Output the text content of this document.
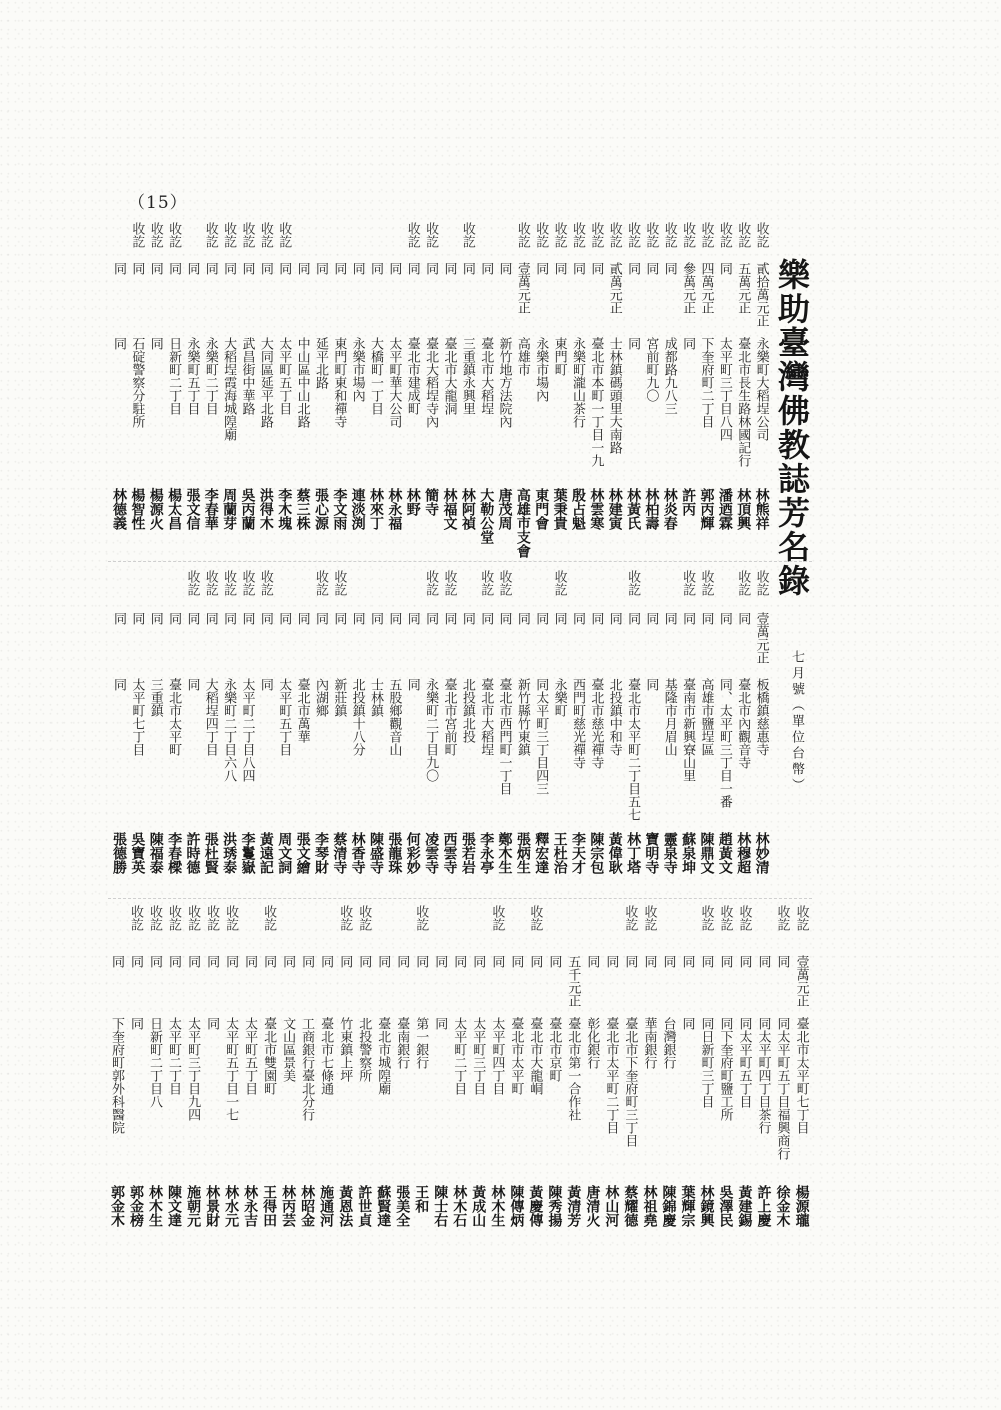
（15）
樂助臺灣佛教誌芳名錄
七月號（單位台幣）
收訖
貳拾萬元正
永樂町大稻埕公司
林熊祥
收訖
五萬元正
臺北市長生路林國記行
林頂興
收訖
同
太平町三丁目八四
潘迺霖
收訖
四萬元正
下奎府町二丁目
郭丙輝
收訖
參萬元正
同
許丙
收訖
同
成都路九八三
林炎春
收訖
同
宮前町九〇
林柏壽
收訖
同
同
林黃氏
收訖
貳萬元正
士林鎮碼頭里大南路
林建寅
收訖
同
臺北市本町一丁目一九
林雲寒
收訖
同
永樂町瀧山茶行
殷占魁
收訖
同
東門町
葉秉貴
收訖
同
永樂市場內
東門會
收訖
壹萬元正
高雄市
高雄市支會
同
新竹地方法院內
唐茂周
同
臺北市大稻埕
大勒公堂
收訖
同
三重鎮永興里
林阿禎
同
臺北市大龍洞
林福文
收訖
同
臺北大稻埕寺內
簡寺
收訖
同
臺北市建成町
林野
同
太平町華大公司
林永福
同
大橋町一丁目
林來丁
同
永樂市場內
連淡渕
同
東門町東和禪寺
李文雨
同
延平北路
張心源
同
中山區中山北路
蔡三株
收訖
同
太平町五丁目
李木塊
收訖
同
大同區延平北路
洪得木
收訖
同
武昌街中華路
吳丙蘭
收訖
同
大稻埕霞海城隍廟
周蘭芽
收訖
同
永樂町二丁目
李春華
同
永樂町五丁目
張文信
收訖
同
日新町二丁目
楊太昌
收訖
同
同
楊源火
收訖
同
石碇警察分駐所
楊智性
同
同
林德義
收訖
壹萬元正
板橋鎮慈惠寺
林妙清
收訖
同
臺北市內觀音寺
林穆超
同
同、太平町三丁目一番
趙黃文
收訖
同
高雄市鹽埕區
陳鼎文
收訖
同
臺南市新興寮山里
蘇泉坤
同
基隆市月眉山
靈泉寺
同
同
寶明寺
收訖
同
臺北市太平町二丁目五七
林丁塔
同
北投鎮中和寺
黃偉耿
同
臺北市慈光禪寺
陳宗包
同
西門町慈光禪寺
李天才
收訖
同
永樂町
王杜治
同
同太平町三丁目四三
釋宏達
同
新竹縣竹東鎮
張炳生
收訖
同
臺北市西門町一丁目
鄭木生
收訖
同
臺北市大稻埕
李永亭
同
北投鎮北投
張若岩
收訖
同
臺北市宮前町
西雲寺
收訖
同
永樂町二丁目九〇
凌雲寺
同
同
何彩妙
同
五股鄉觀音山
張龍珠
同
士林鎮
陳盛寺
同
北投鎮十八分
林香寺
收訖
同
新莊鎮
蔡清寺
收訖
同
內湖鄉
李琴財
同
臺北市萬華
張文繪
同
太平町五丁目
周文詞
收訖
同
同
黃遠記
收訖
同
太平町二丁目八四
李鬘嶽
收訖
同
永樂町二丁目六八
洪琇泰
收訖
同
大稻埕四丁目
張杜賢
收訖
同
同
許時德
同
臺北市太平町
李春樑
同
三重鎮
陳福泰
同
太平町七丁目
吳寶英
同
同
張德勝
收訖
壹萬元正
臺北市太平町七丁目
楊源瓏
收訖
同
同太平町五丁目福興商行
徐金木
同
同太平町四丁目茶行
許上慶
收訖
同
同太平町五丁目
黃建錫
收訖
同
同下奎府町鹽工所
吳澤民
收訖
同
同日新町三丁目
林鏡興
同
同
葉輝宗
同
台灣銀行
陳錦慶
收訖
同
華南銀行
林祖堯
收訖
同
臺北市下奎府町三丁目
蔡耀德
同
臺北市太平町二丁目
林山河
同
彰化銀行
唐清火
五千元正
臺北市第一合作社
黃清芳
同
臺北市京町
陳秀揚
收訖
同
臺北市大龍峒
黃慶傳
同
臺北市太平町
陳傳炳
收訖
同
太平町四丁目
林木生
同
太平町三丁目
黃成山
同
太平町二丁目
林木石
同
同
陳士右
收訖
同
第一銀行
王和
同
臺南銀行
張美全
同
臺北市城隍廟
蘇賢達
收訖
同
北投警察所
許世貞
收訖
同
竹東鎮上坪
黃恩法
同
臺北市七條通
施通河
同
工商銀行臺北分行
林昭金
同
文山區景美
林丙芸
收訖
同
臺北市雙園町
王得田
同
太平町五丁目
林永吉
收訖
同
太平町五丁目一七
林水元
收訖
同
同
林景財
收訖
同
太平町三丁目九四
施朝元
收訖
同
太平町二丁目
陳文達
收訖
同
日新町二丁目八
林木生
收訖
同
同
郭金榜
同
下奎府町郭外科醫院
郭金木
